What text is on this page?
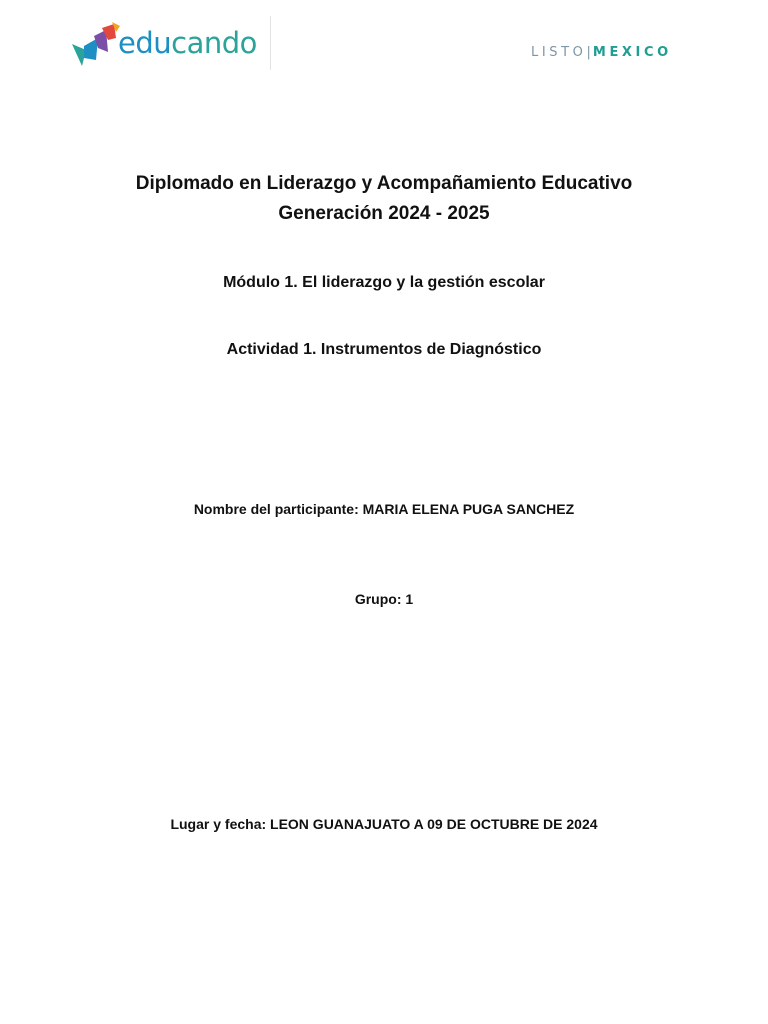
educando	LISTO|MEXICO
Diplomado en Liderazgo y Acompañamiento Educativo
Generación 2024 - 2025
Módulo 1. El liderazgo y la gestión escolar
Actividad 1. Instrumentos de Diagnóstico
Nombre del participante: MARIA ELENA PUGA SANCHEZ
Grupo: 1
Lugar y fecha: LEON GUANAJUATO A 09 DE OCTUBRE DE 2024
